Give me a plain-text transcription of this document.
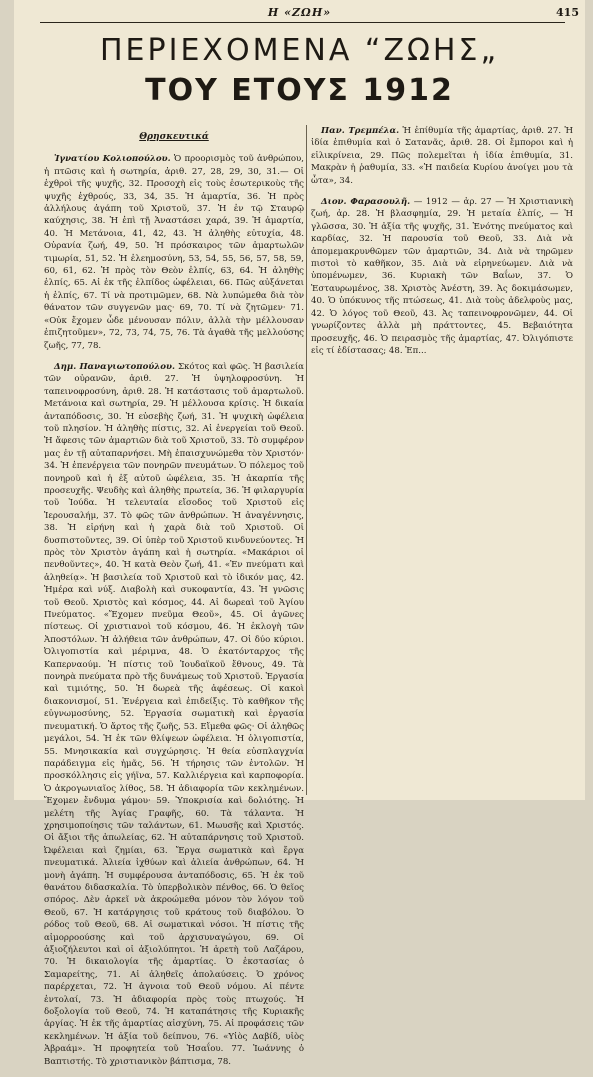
Η «ΖΩΗ»	415
ΠΕΡΙΕΧΟΜΕΝΑ “ΖΩΗΣ„
ΤΟΥ ΕΤΟΥΣ 1912
Θρησκευτικά

Ἰγνατίου Κολιοπούλου. Ὁ προορισμὸς τοῦ ἀνθρώπου, ἡ πτῶσις καὶ ἡ σωτηρία, ἀριθ. 27, 28, 29, 30, 31.— Οἱ ἐχθροὶ τῆς ψυχῆς, 32. Προσοχὴ εἰς τοὺς ἐσωτερικοὺς τῆς ψυχῆς ἐχθρούς, 33, 34, 35. Ἡ ἁμαρτία, 36. Ἡ πρὸς ἀλλήλους ἀγάπη τοῦ Χριστοῦ, 37. Ἡ ἐν τῷ Σταυρῷ καύχησις, 38. Ἡ ἐπὶ τῇ Ἀναστάσει χαρά, 39. Ἡ ἁμαρτία, 40. Ἡ Μετάνοια, 41, 42, 43. Ἡ ἀληθὴς εὐτυχία, 48. Οὐρανία ζωή, 49, 50. Ἡ πρόσκαιρος τῶν ἁμαρτωλῶν τιμωρία, 51, 52. Ἡ ἐλεημοσύνη, 53, 54, 55, 56, 57, 58, 59, 60, 61, 62. Ἡ πρὸς τὸν Θεὸν ἐλπίς, 63, 64. Ἡ ἀληθὴς ἐλπίς, 65. Αἱ ἐκ τῆς ἐλπίδος ὠφέλειαι, 66. Πῶς αὐξάνεται ἡ ἐλπίς, 67. Τί νὰ προτιμῶμεν, 68. Νὰ λυπώμεθα διὰ τὸν θάνατον τῶν συγγενῶν μας· 69, 70. Τί νὰ ζητῶμεν· 71. «Οὐκ ἔχομεν ὧδε μένουσαν πόλιν, ἀλλὰ τὴν μέλλουσαν ἐπιζητοῦμεν», 72, 73, 74, 75, 76. Τὰ ἀγαθὰ τῆς μελλούσης ζωῆς, 77, 78.

Δημ. Παναγιωτοπούλου. Σκότος καὶ φῶς. Ἡ βασιλεία τῶν οὐρανῶν, ἀριθ. 27. Ἡ ὑψηλοφροσύνη. Ἡ ταπεινοφροσύνη, ἀριθ. 28. Ἡ κατάστασις τοῦ ἁμαρτωλοῦ. Μετάνοια καὶ σωτηρία, 29. Ἡ μέλλουσα κρίσις. Ἡ δικαία ἀνταπόδοσις, 30. Ἡ εὐσεβὴς ζωή, 31. Ἡ ψυχικὴ ὠφέλεια τοῦ πλησίον. Ἡ ἀληθὴς πίστις, 32. Αἱ ἐνεργείαι τοῦ Θεοῦ. Ἡ ἄφεσις τῶν ἁμαρτιῶν διὰ τοῦ Χριστοῦ, 33. Τὸ συμφέρον μας ἐν τῇ αὐταπαρνήσει. Μὴ ἐπαισχυνώμεθα τὸν Χριστόν· 34. Ἡ ἐπενέργεια τῶν πονηρῶν πνευμάτων. Ὁ πόλεμος τοῦ πονηροῦ καὶ ἡ ἐξ αὐτοῦ ὠφέλεια, 35. Ἡ ἀκαρπία τῆς προσευχῆς. Ψευδὴς καὶ ἀληθὴς πρωτεία, 36. Ἡ φιλαργυρία τοῦ Ἰούδα. Ἡ τελευταία εἴσοδος τοῦ Χριστοῦ εἰς Ἱερουσαλήμ, 37. Τὸ φῶς τῶν ἀνθρώπων. Ἡ ἀναγέννησις, 38. Ἡ εἰρήνη καὶ ἡ χαρὰ διὰ τοῦ Χριστοῦ. Οἱ δυσπιστοῦντες, 39. Οἱ ὑπὲρ τοῦ Χριστοῦ κινδυνεύοντες. Ἡ πρὸς τὸν Χριστὸν ἀγάπη καὶ ἡ σωτηρία. «Μακάριοι οἱ πενθοῦντες», 40. Ἡ κατὰ Θεὸν ζωή, 41. «Ἐν πνεύματι καὶ ἀληθείᾳ». Ἡ βασιλεία τοῦ Χριστοῦ καὶ τὸ ἰδικόν μας, 42. Ἡμέρα καὶ νύξ. Διαβολὴ καὶ συκοφαντία, 43. Ἡ γνῶσις τοῦ Θεοῦ. Χριστὸς καὶ κόσμος, 44. Αἱ δωρεαὶ τοῦ Ἁγίου Πνεύματος. «Ἔχομεν πνεῦμα Θεοῦ», 45. Οἱ ἀγῶνες πίστεως. Οἱ χριστιανοὶ τοῦ κόσμου, 46. Ἡ ἐκλογὴ τῶν Ἀποστόλων. Ἡ ἀλήθεια τῶν ἀνθρώπων, 47. Οἱ δύο κύριοι. Ὀλιγοπιστία καὶ μέριμνα, 48. Ὁ ἐκατόνταρχος τῆς Καπερναούμ. Ἡ πίστις τοῦ Ἰουδαϊκοῦ ἔθνους, 49. Τὰ πονηρὰ πνεύματα πρὸ τῆς δυνάμεως τοῦ Χριστοῦ. Ἐργασία καὶ τιμιότης, 50. Ἡ δωρεὰ τῆς ἀφέσεως. Οἱ κακοὶ διακονισμοί, 51. Ἐνέργεια καὶ ἐπιδείξις. Τὸ καθῆκον τῆς εὐγνωμοσύνης, 52. Ἐργασία σωματικὴ καὶ ἐργασία πνευματική. Ὁ ἄρτος τῆς ζωῆς, 53. Εἴμεθα φῶς· Οἱ ἀληθῶς μεγάλοι, 54. Ἡ ἐκ τῶν θλίψεων ὠφέλεια. Ἡ ὀλιγοπιστία, 55. Μνησικακία καὶ συγχώρησις. Ἡ θεία εὐσπλαγχνία παράδειγμα εἰς ἡμᾶς, 56. Ἡ τήρησις τῶν ἐντολῶν. Ἡ προσκόλλησις εἰς γήϊνα, 57. Καλλιέργεια καὶ καρποφορία. Ὁ ἀκρογωνιαῖος λίθος, 58. Ἡ ἀδιαφορία τῶν κεκλημένων. Ἔχομεν ἔνδυμα γάμου· 59. Ὑποκρισία καὶ δολιότης. Ἡ μελέτη τῆς Ἁγίας Γραφῆς, 60. Τὰ τάλαντα. Ἡ χρησιμοποίησις τῶν ταλάντων, 61. Μωυσῆς καὶ Χριστός. Οἱ ἄξιοι τῆς ἀπωλείας, 62. Ἡ αὐταπάρνησις τοῦ Χριστοῦ. Ὠφέλειαι καὶ ζημίαι, 63. Ἔργα σωματικὰ καὶ ἔργα πνευματικά. Ἁλιεία ἰχθύων καὶ ἁλιεία ἀνθρώπων, 64. Ἡ μονὴ ἀγάπη. Ἡ συμφέρουσα ἀνταπόδοσις, 65. Ἡ ἐκ τοῦ θανάτου διδασκαλία. Τὸ ὑπερβολικὸν πένθος, 66. Ὁ θεῖος σπόρος. Δὲν ἀρκεῖ νὰ ἀκροώμεθα μόνον τὸν λόγον τοῦ Θεοῦ, 67. Ἡ κατάργησις τοῦ κράτους τοῦ διαβόλου. Ὁ ρόδος τοῦ Θεοῦ, 68. Αἱ σωματικαὶ νόσοι. Ἡ πίστις τῆς αἱμορροούσης καὶ τοῦ ἀρχισυναγώγου, 69. Οἱ ἀξιοζήλευτοι καὶ οἱ ἀξιολύπητοι. Ἡ ἀρετὴ τοῦ Λαζάρου, 70. Ἡ δικαιολογία τῆς ἁμαρτίας. Ὁ ἐκστασίας ὁ Σαμαρείτης, 71. Αἱ ἀληθεῖς ἀπολαύσεις. Ὁ χρόνος παρέρχεται, 72. Ἡ ἀγνοια τοῦ Θεοῦ νόμου. Αἱ πέντε ἐντολαί, 73. Ἡ ἀδιαφορία πρὸς τοὺς πτωχούς. Ἡ δοξολογία τοῦ Θεοῦ, 74. Ἡ καταπάτησις τῆς Κυριακῆς ἀργίας. Ἡ ἐκ τῆς ἁμαρτίας αἰσχύνη, 75. Αἱ προφάσεις τῶν κεκλημένων. Ἡ ἀξία τοῦ δείπνου, 76. «Υἱὸς Δαβίδ, υἱὸς Ἀβραάμ». Ἡ προφητεία τοῦ Ἡσαΐου. 77. Ἰωάννης ὁ Βαπτιστής. Τὸ χριστιανικὸν βάπτισμα, 78.

Παν. Τρεμπέλα. Ἡ ἐπίθυμία τῆς ἁμαρτίας, ἀριθ. 27. Ἡ ἰδία ἐπιθυμία καὶ ὁ Σατανᾶς, ἀριθ. 28. Οἱ ἔμποροι καὶ ἡ εἰλικρίνεια, 29. Πῶς πολεμεῖται ἡ ἰδία ἐπιθυμία, 31. Μακρὰν ἡ ῥαθυμία, 33. «Ἡ παιδεία Κυρίου ἀνοίγει μου τὰ ὦτα», 34.

Διον. Φαρασουλῆ. — 1912 — ἀρ. 27 — Ἡ Χριστιανικὴ ζωή, ἀρ. 28. Ἡ βλασφημία, 29. Ἡ μεταία ἐλπίς, — Ἡ γλῶσσα, 30. Ἡ ἀξία τῆς ψυχῆς, 31. Ἑνότης πνεύματος καὶ καρδίας, 32. Ἡ παρουσία τοῦ Θεοῦ, 33. Διὰ νὰ ἀπομεμακρυνθῶμεν τῶν ἁμαρτιῶν, 34. Διὰ νὰ τηρῶμεν πιστοὶ τὸ καθῆκον, 35. Διὰ νὰ εἰρηνεύωμεν. Διὰ νὰ ὑπομένωμεν, 36. Κυριακὴ τῶν Βαΐων, 37. Ὁ Ἐσταυρωμένος, 38. Χριστὸς Ἀνέστη, 39. Ἀς δοκιμάσωμεν, 40. Ὁ ὑπόκυνος τῆς πτώσεως, 41. Διὰ τοὺς ἀδελφοὺς μας, 42. Ὁ λόγος τοῦ Θεοῦ, 43. Ἀς ταπεινοφρονῶμεν, 44. Οἱ γνωρίζοντες ἀλλὰ μὴ πράττοντες, 45. Βεβαιότητα προσευχῆς, 46. Ὁ πειρασμὸς τῆς ἁμαρτίας, 47. Ὀλιγόπιστε εἰς τί ἐδίστασας; 48. Ἐπ...
